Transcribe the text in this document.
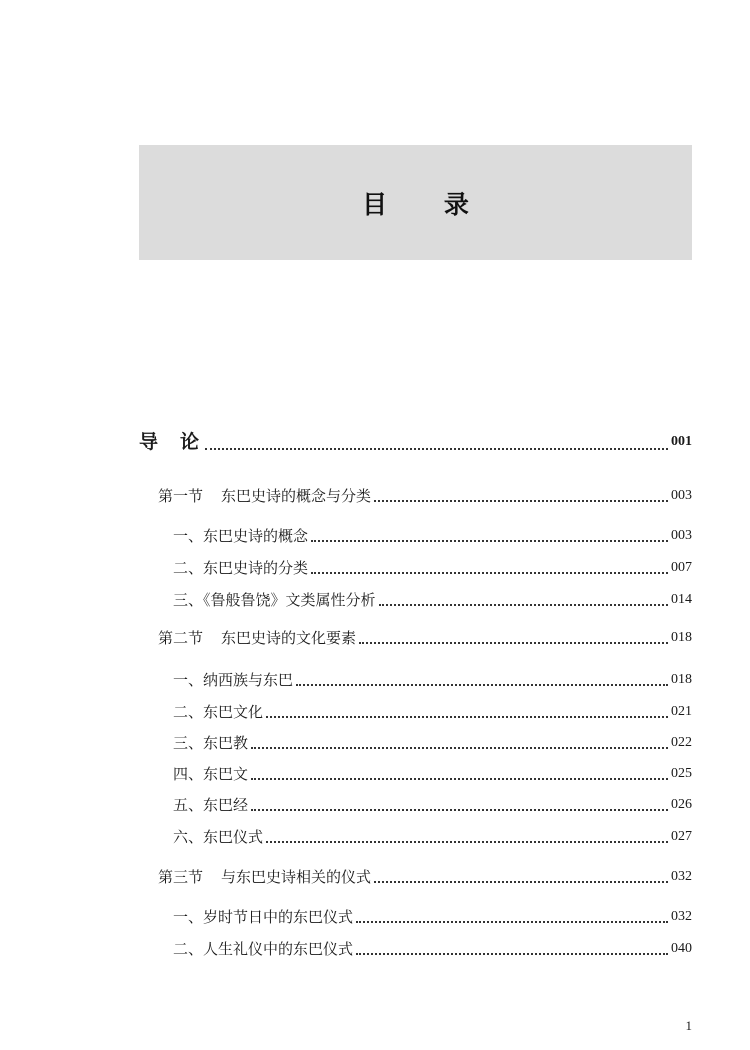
目 录
导论	001
第一节 东巴史诗的概念与分类	003
一、东巴史诗的概念	003
二、东巴史诗的分类	007
三、《鲁般鲁饶》文类属性分析	014
第二节 东巴史诗的文化要素	018
一、纳西族与东巴	018
二、东巴文化	021
三、东巴教	022
四、东巴文	025
五、东巴经	026
六、东巴仪式	027
第三节 与东巴史诗相关的仪式	032
一、岁时节日中的东巴仪式	032
二、人生礼仪中的东巴仪式	040
1
